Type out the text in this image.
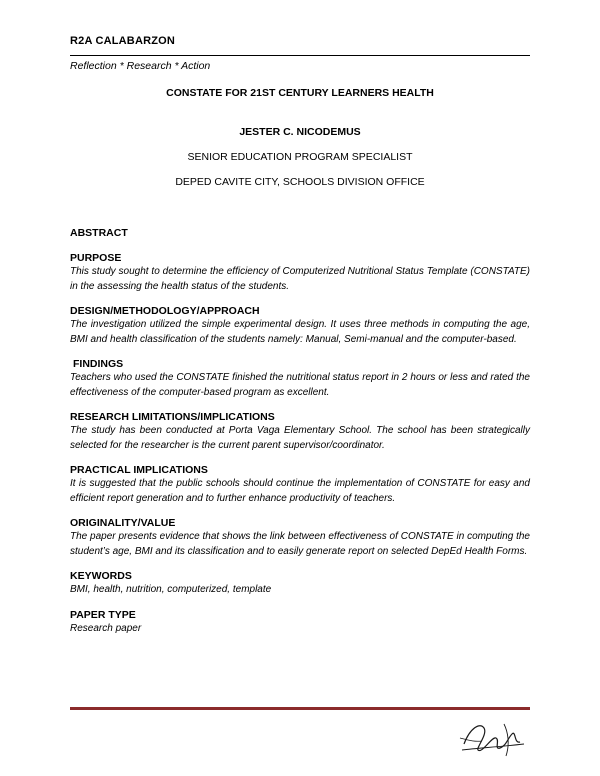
R2A CALABARZON
Reflection * Research * Action
CONSTATE FOR 21ST CENTURY LEARNERS HEALTH
JESTER C. NICODEMUS
SENIOR EDUCATION PROGRAM SPECIALIST
DEPED CAVITE CITY, SCHOOLS DIVISION OFFICE
ABSTRACT
PURPOSE
This study sought to determine the efficiency of Computerized Nutritional Status Template (CONSTATE) in the assessing the health status of the students.
DESIGN/METHODOLOGY/APPROACH
The investigation utilized the simple experimental design. It uses three methods in computing the age, BMI and health classification of the students namely: Manual, Semi-manual and the computer-based.
FINDINGS
Teachers who used the CONSTATE finished the nutritional status report in 2 hours or less and rated the effectiveness of the computer-based program as excellent.
RESEARCH LIMITATIONS/IMPLICATIONS
The study has been conducted at Porta Vaga Elementary School. The school has been strategically selected for the researcher is the current parent supervisor/coordinator.
PRACTICAL IMPLICATIONS
It is suggested that the public schools should continue the implementation of CONSTATE for easy and efficient report generation and to further enhance productivity of teachers.
ORIGINALITY/VALUE
The paper presents evidence that shows the link between effectiveness of CONSTATE in computing the student’s age, BMI and its classification and to easily generate report on selected DepEd Health Forms.
KEYWORDS
BMI, health, nutrition, computerized, template
PAPER TYPE
Research paper
